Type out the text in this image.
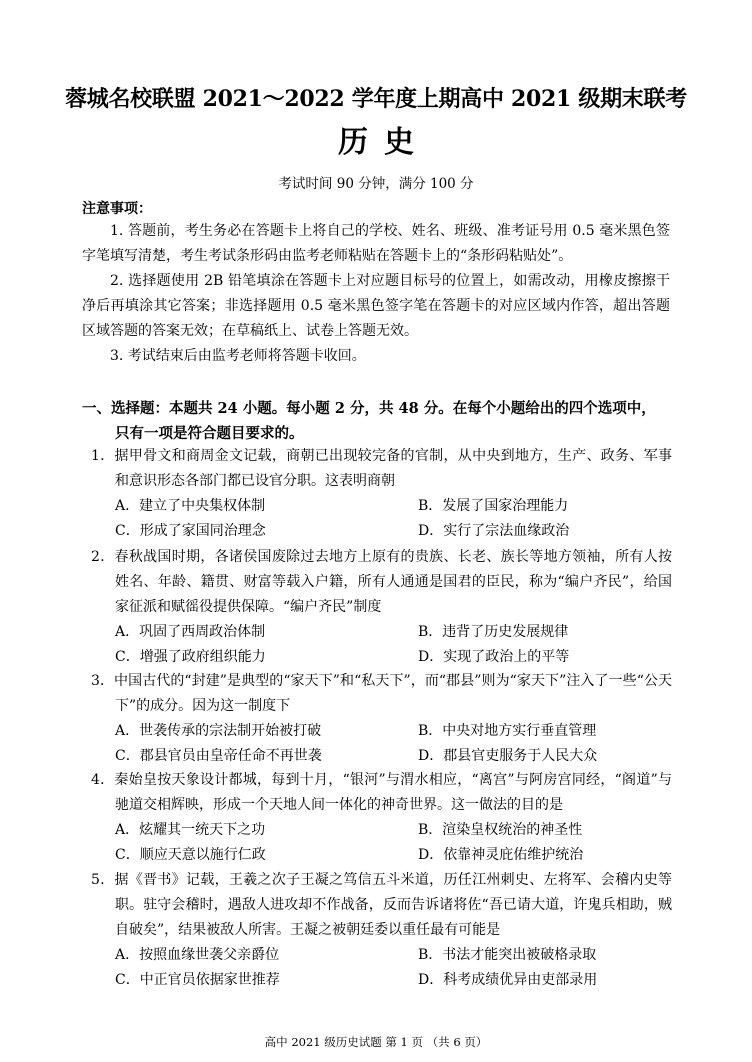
蓉城名校联盟 2021～2022 学年度上期高中 2021 级期末联考
历史
考试时间 90 分钟，满分 100 分
注意事项：
1. 答题前，考生务必在答题卡上将自己的学校、姓名、班级、准考证号用 0.5 毫米黑色签字笔填写清楚，考生考试条形码由监考老师粘贴在答题卡上的“条形码粘贴处”。
2. 选择题使用 2B 铅笔填涂在答题卡上对应题目标号的位置上，如需改动，用橡皮擦擦干净后再填涂其它答案；非选择题用 0.5 毫米黑色签字笔在答题卡的对应区域内作答，超出答题区域答题的答案无效；在草稿纸上、试卷上答题无效。
3. 考试结束后由监考老师将答题卡收回。
一、选择题：本题共 24 小题。每小题 2 分，共 48 分。在每个小题给出的四个选项中，
只有一项是符合题目要求的。
1．据甲骨文和商周金文记载，商朝已出现较完备的官制，从中央到地方，生产、政务、军事和意识形态各部门都已设官分职。这表明商朝
A．建立了中央集权体制	B．发展了国家治理能力
C．形成了家国同治理念	D．实行了宗法血缘政治
2．春秋战国时期，各诸侯国废除过去地方上原有的贵族、长老、族长等地方领袖，所有人按姓名、年龄、籍贯、财富等载入户籍，所有人通通是国君的臣民，称为“编户齐民”，给国家征派和赋徭役提供保障。“编户齐民”制度
A．巩固了西周政治体制	B．违背了历史发展规律
C．增强了政府组织能力	D．实现了政治上的平等
3．中国古代的“封建”是典型的“家天下”和“私天下”，而“郡县”则为“家天下”注入了一些“公天下”的成分。因为这一制度下
A．世袭传承的宗法制开始被打破	B．中央对地方实行垂直管理
C．郡县官员由皇帝任命不再世袭	D．郡县官吏服务于人民大众
4．秦始皇按天象设计都城，每到十月，“银河”与渭水相应，“离宫”与阿房宫同经，“阁道”与驰道交相辉映，形成一个天地人间一体化的神奇世界。这一做法的目的是
A．炫耀其一统天下之功	B．渲染皇权统治的神圣性
C．顺应天意以施行仁政	D．依靠神灵庇佑维护统治
5．据《晋书》记载，王羲之次子王凝之笃信五斗米道，历任江州刺史、左将军、会稽内史等职。驻守会稽时，遇敌人进攻却不作战备，反而告诉诸将佐“吾已请大道，许鬼兵相助，贼自破矣”，结果被敌人所害。王凝之被朝廷委以重任最有可能是
A．按照血缘世袭父亲爵位	B．书法才能突出被破格录取
C．中正官员依据家世推荐	D．科考成绩优异由吏部录用
高中 2021 级历史试题 第 1 页 （共 6 页）
